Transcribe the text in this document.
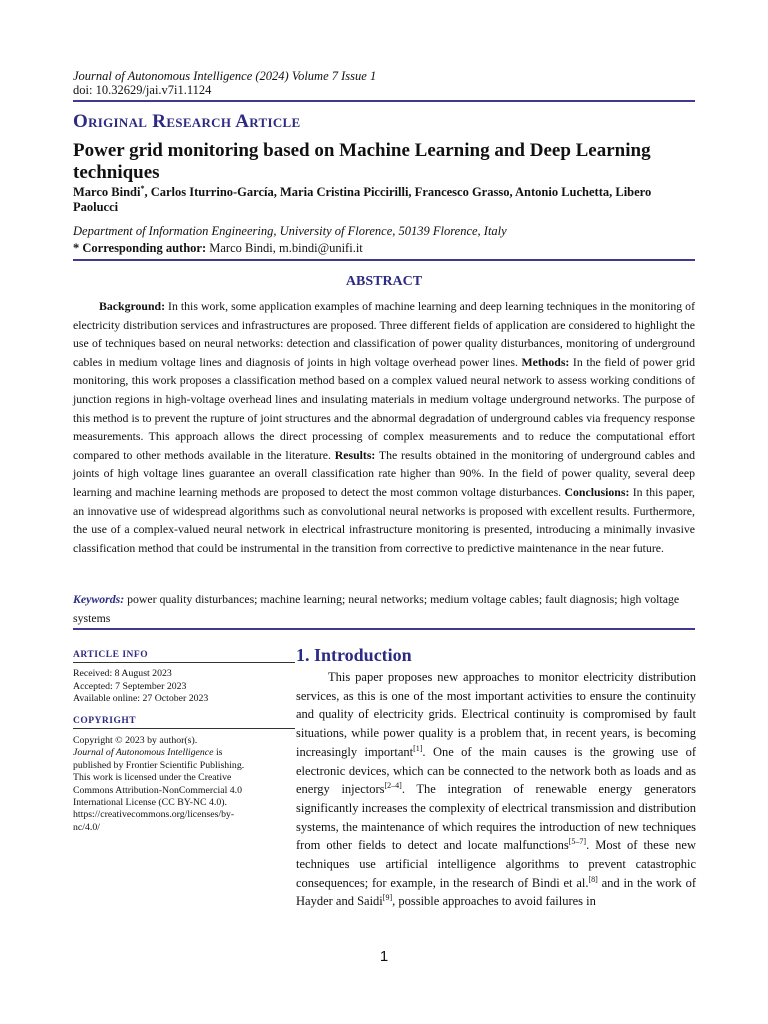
Journal of Autonomous Intelligence (2024) Volume 7 Issue 1
doi: 10.32629/jai.v7i1.1124
Original Research Article
Power grid monitoring based on Machine Learning and Deep Learning techniques
Marco Bindi*, Carlos Iturrino-García, Maria Cristina Piccirilli, Francesco Grasso, Antonio Luchetta, Libero Paolucci
Department of Information Engineering, University of Florence, 50139 Florence, Italy
* Corresponding author: Marco Bindi, m.bindi@unifi.it
ABSTRACT

Background: In this work, some application examples of machine learning and deep learning techniques in the monitoring of electricity distribution services and infrastructures are proposed. Three different fields of application are considered to highlight the use of techniques based on neural networks: detection and classification of power quality disturbances, monitoring of underground cables in medium voltage lines and diagnosis of joints in high voltage overhead power lines. Methods: In the field of power grid monitoring, this work proposes a classification method based on a complex valued neural network to assess working conditions of junction regions in high-voltage overhead lines and insulating materials in medium voltage underground networks. The purpose of this method is to prevent the rupture of joint structures and the abnormal degradation of underground cables via frequency response measurements. This approach allows the direct processing of complex measurements and to reduce the computational effort compared to other methods available in the literature. Results: The results obtained in the monitoring of underground cables and joints of high voltage lines guarantee an overall classification rate higher than 90%. In the field of power quality, several deep learning and machine learning methods are proposed to detect the most common voltage disturbances. Conclusions: In this paper, an innovative use of widespread algorithms such as convolutional neural networks is proposed with excellent results. Furthermore, the use of a complex-valued neural network in electrical infrastructure monitoring is presented, introducing a minimally invasive classification method that could be instrumental in the transition from corrective to predictive maintenance in the near future.

Keywords: power quality disturbances; machine learning; neural networks; medium voltage cables; fault diagnosis; high voltage systems
ARTICLE INFO
Received: 8 August 2023
Accepted: 7 September 2023
Available online: 27 October 2023
COPYRIGHT
Copyright © 2023 by author(s).
Journal of Autonomous Intelligence is published by Frontier Scientific Publishing. This work is licensed under the Creative Commons Attribution-NonCommercial 4.0 International License (CC BY-NC 4.0). https://creativecommons.org/licenses/by-nc/4.0/
1. Introduction

This paper proposes new approaches to monitor electricity distribution services, as this is one of the most important activities to ensure the continuity and quality of electricity grids. Electrical continuity is compromised by fault situations, while power quality is a problem that, in recent years, is becoming increasingly important[1]. One of the main causes is the growing use of electronic devices, which can be connected to the network both as loads and as energy injectors[2–4]. The integration of renewable energy generators significantly increases the complexity of electrical transmission and distribution systems, the maintenance of which requires the introduction of new techniques from other fields to detect and locate malfunctions[5–7]. Most of these new techniques use artificial intelligence algorithms to prevent catastrophic consequences; for example, in the research of Bindi et al.[8] and in the work of Hayder and Saidi[9], possible approaches to avoid failures in

1
